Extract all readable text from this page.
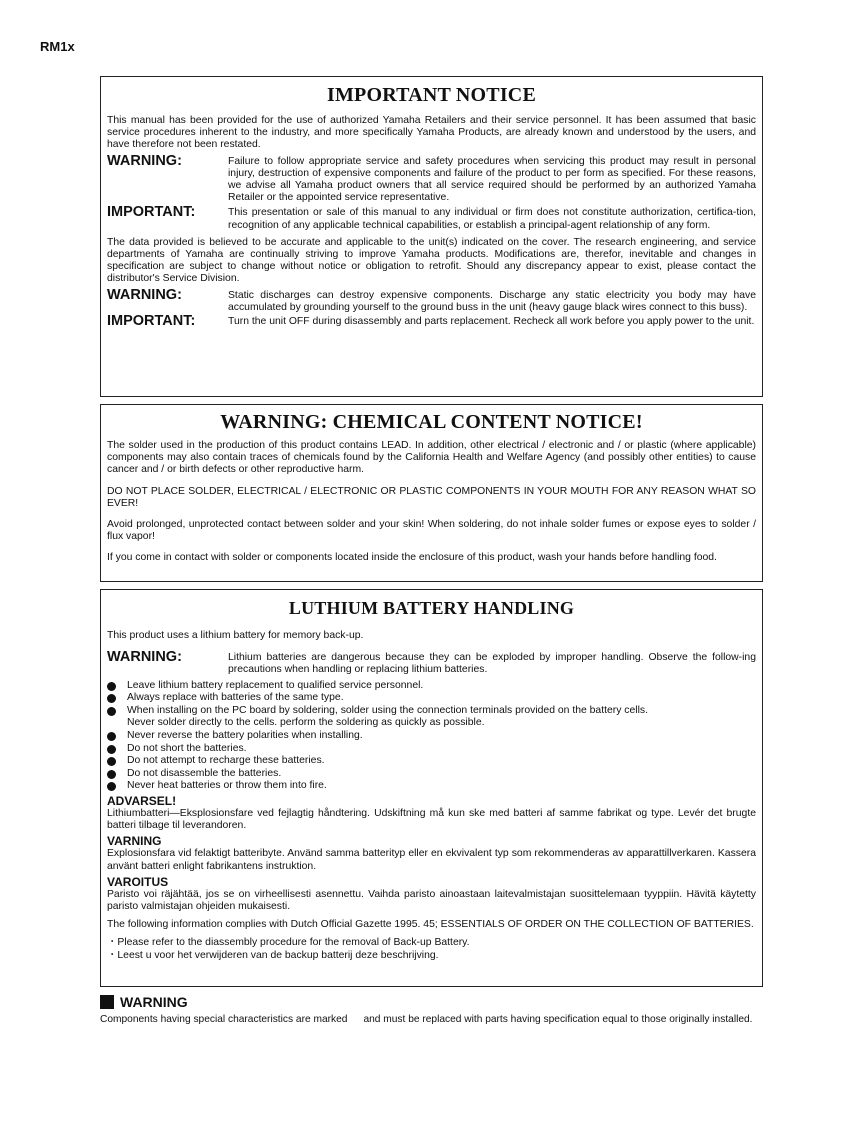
RM1x
IMPORTANT NOTICE

This manual has been provided for the use of authorized Yamaha Retailers and their service personnel. It has been assumed that basic service procedures inherent to the industry, and more specifically Yamaha Products, are already known and understood by the users, and have therefore not been restated.

WARNING:	Failure to follow appropriate service and safety procedures when servicing this product may result in personal injury, destruction of expensive components and failure of the product to per form as specified. For these reasons, we advise all Yamaha product owners that all service required should be performed by an authorized Yamaha Retailer or the appointed service representative.
IMPORTANT:	This presentation or sale of this manual to any individual or firm does not constitute authorization, certifica-tion, recognition of any applicable technical capabilities, or establish a principal-agent relationship of any form.

The data provided is believed to be accurate and applicable to the unit(s) indicated on the cover. The research engineering, and service departments of Yamaha are continually striving to improve Yamaha products. Modifications are, therefor, inevitable and changes in specification are subject to change without notice or obligation to retrofit. Should any discrepancy appear to exist, please contact the distributor's Service Division.

WARNING:	Static discharges can destroy expensive components. Discharge any static electricity you body may have accumulated by grounding yourself to the ground buss in the unit (heavy gauge black wires connect to this buss).
IMPORTANT:	Turn the unit OFF during disassembly and parts replacement. Recheck all work before you apply power to the unit.
WARNING: CHEMICAL CONTENT NOTICE!

The solder used in the production of this product contains LEAD. In addition, other electrical / electronic and / or plastic (where applicable) components may also contain traces of chemicals found by the California Health and Welfare Agency (and possibly other entities) to cause cancer and / or birth defects or other reproductive harm.

DO NOT PLACE SOLDER, ELECTRICAL / ELECTRONIC OR PLASTIC COMPONENTS IN YOUR MOUTH FOR ANY REASON WHAT SO EVER!

Avoid prolonged, unprotected contact between solder and your skin! When soldering, do not inhale solder fumes or expose eyes to solder / flux vapor!

If you come in contact with solder or components located inside the enclosure of this product, wash your hands before handling food.

LUTHIUM BATTERY HANDLING

This product uses a lithium battery for memory back-up.

WARNING:	Lithium batteries are dangerous because they can be exploded by improper handling. Observe the follow-ing precautions when handling or replacing lithium batteries.
Leave lithium battery replacement to qualified service personnel.
Always replace with batteries of the same type.
When installing on the PC board by soldering, solder using the connection terminals provided on the battery cells.
Never solder directly to the cells. perform the soldering as quickly as possible.
Never reverse the battery polarities when installing.
Do not short the batteries.
Do not attempt to recharge these batteries.
Do not disassemble the batteries.
Never heat batteries or throw them into fire.
ADVARSEL!

Lithiumbatteri—Eksplosionsfare ved fejlagtig håndtering. Udskiftning må kun ske med batteri af samme fabrikat og type. Levér det brugte batteri tilbage til leverandoren.

VARNING

Explosionsfara vid felaktigt batteribyte. Använd samma batterityp eller en ekvivalent typ som rekommenderas av apparattillverkaren. Kassera använt batteri enlight fabrikantens instruktion.

VAROITUS

Paristo voi räjähtää, jos se on virheellisesti asennettu. Vaihda paristo ainoastaan laitevalmistajan suosittelemaan tyyppiin. Hävitä käytetty paristo valmistajan ohjeiden mukaisesti.

The following information complies with Dutch Official Gazette 1995. 45; ESSENTIALS OF ORDER ON THE COLLECTION OF BATTERIES.

・Please refer to the diassembly procedure for the removal of Back-up Battery.

・Leest u voor het verwijderen van de backup batterij deze beschrijving.

WARNING
Components having special characteristics are marked and must be replaced with parts having specification equal to those originally installed.
